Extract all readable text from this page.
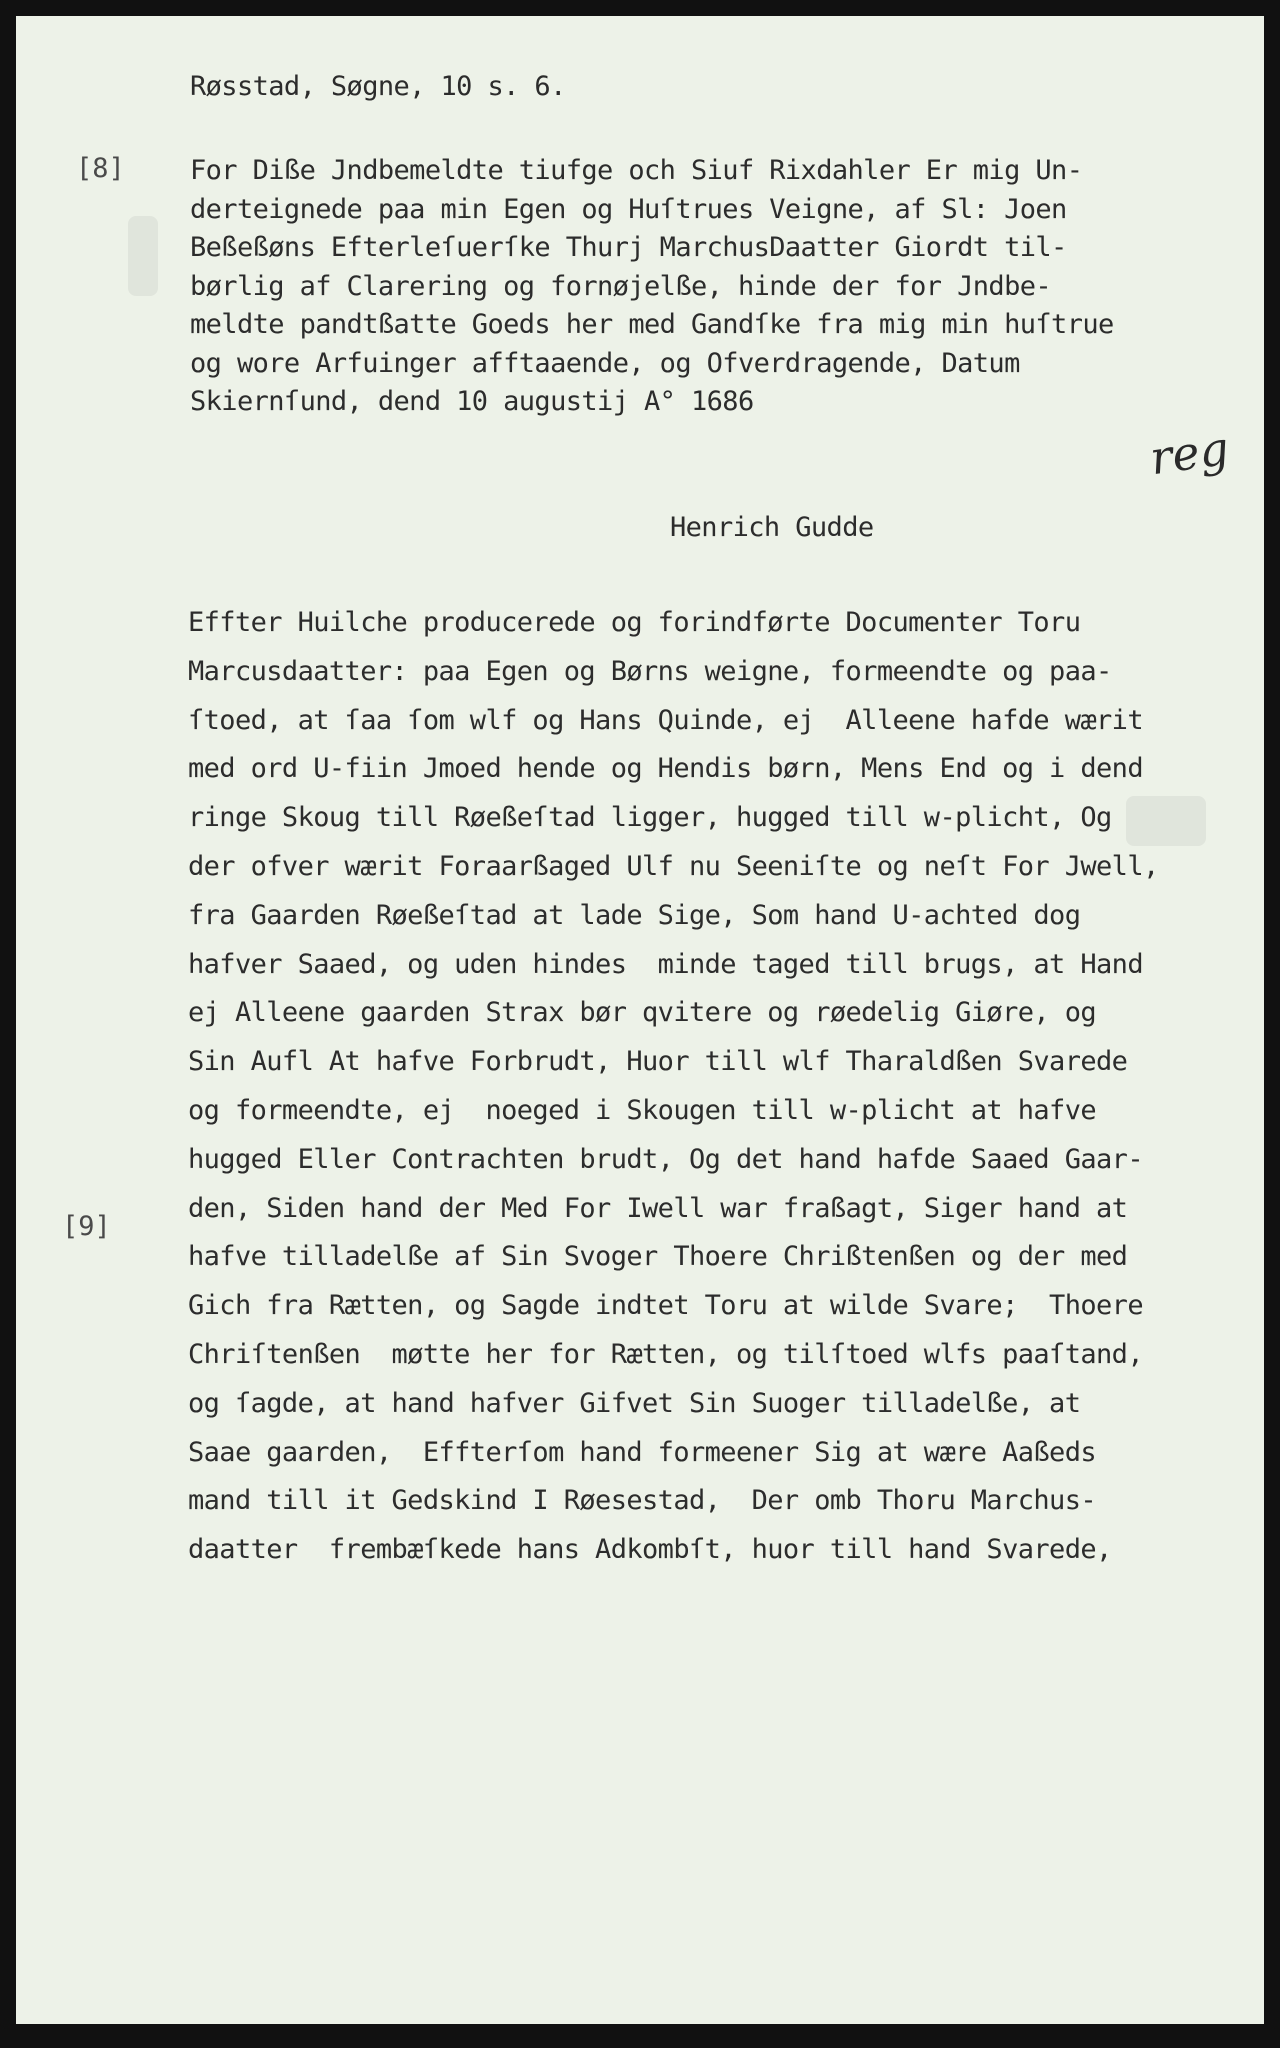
Røsstad, Søgne, 10 s. 6.
[8]
[9]
reg
For Diße Jndbemeldte tiufge och Siuf Rixdahler Er mig Un-
derteignede paa min Egen og Huſtrues Veigne, af Sl: Joen
Beßeßøns Efterleſuerſke Thurj MarchusDaatter Giordt til-
børlig af Clarering og fornøjelße, hinde der for Jndbe-
meldte pandtßatte Goeds her med Gandſke fra mig min huſtrue
og wore Arfuinger afftaaende, og Ofverdragende, Datum
Skiernſund, dend 10 augustij A° 1686
Henrich Gudde
Effter Huilche producerede og forindførte Documenter Toru
Marcusdaatter: paa Egen og Børns weigne, formeendte og paa-
ſtoed, at ſaa ſom wlf og Hans Quinde, ej  Alleene hafde wærit
med ord U-fiin Jmoed hende og Hendis børn, Mens End og i dend
ringe Skoug till Røeßeſtad ligger, hugged till w-plicht, Og
der ofver wærit Foraarßaged Ulf nu Seeniſte og neſt For Jwell,
fra Gaarden Røeßeſtad at lade Sige, Som hand U-achted dog
hafver Saaed, og uden hindes  minde taged till brugs, at Hand
ej Alleene gaarden Strax bør qvitere og røedelig Giøre, og
Sin Aufl At hafve Forbrudt, Huor till wlf Tharaldßen Svarede
og formeendte, ej  noeged i Skougen till w-plicht at hafve
hugged Eller Contrachten brudt, Og det hand hafde Saaed Gaar-
den, Siden hand der Med For Iwell war fraßagt, Siger hand at
hafve tilladelße af Sin Svoger Thoere Chrißtenßen og der med
Gich fra Rætten, og Sagde indtet Toru at wilde Svare;  Thoere
Chriſtenßen  møtte her for Rætten, og tilſtoed wlfs paaſtand,
og ſagde, at hand hafver Gifvet Sin Suoger tilladelße, at
Saae gaarden,  Effterſom hand formeener Sig at wære Aaßeds
mand till it Gedskind I Røesestad,  Der omb Thoru Marchus-
daatter  frembæſkede hans Adkombſt, huor till hand Svarede,
